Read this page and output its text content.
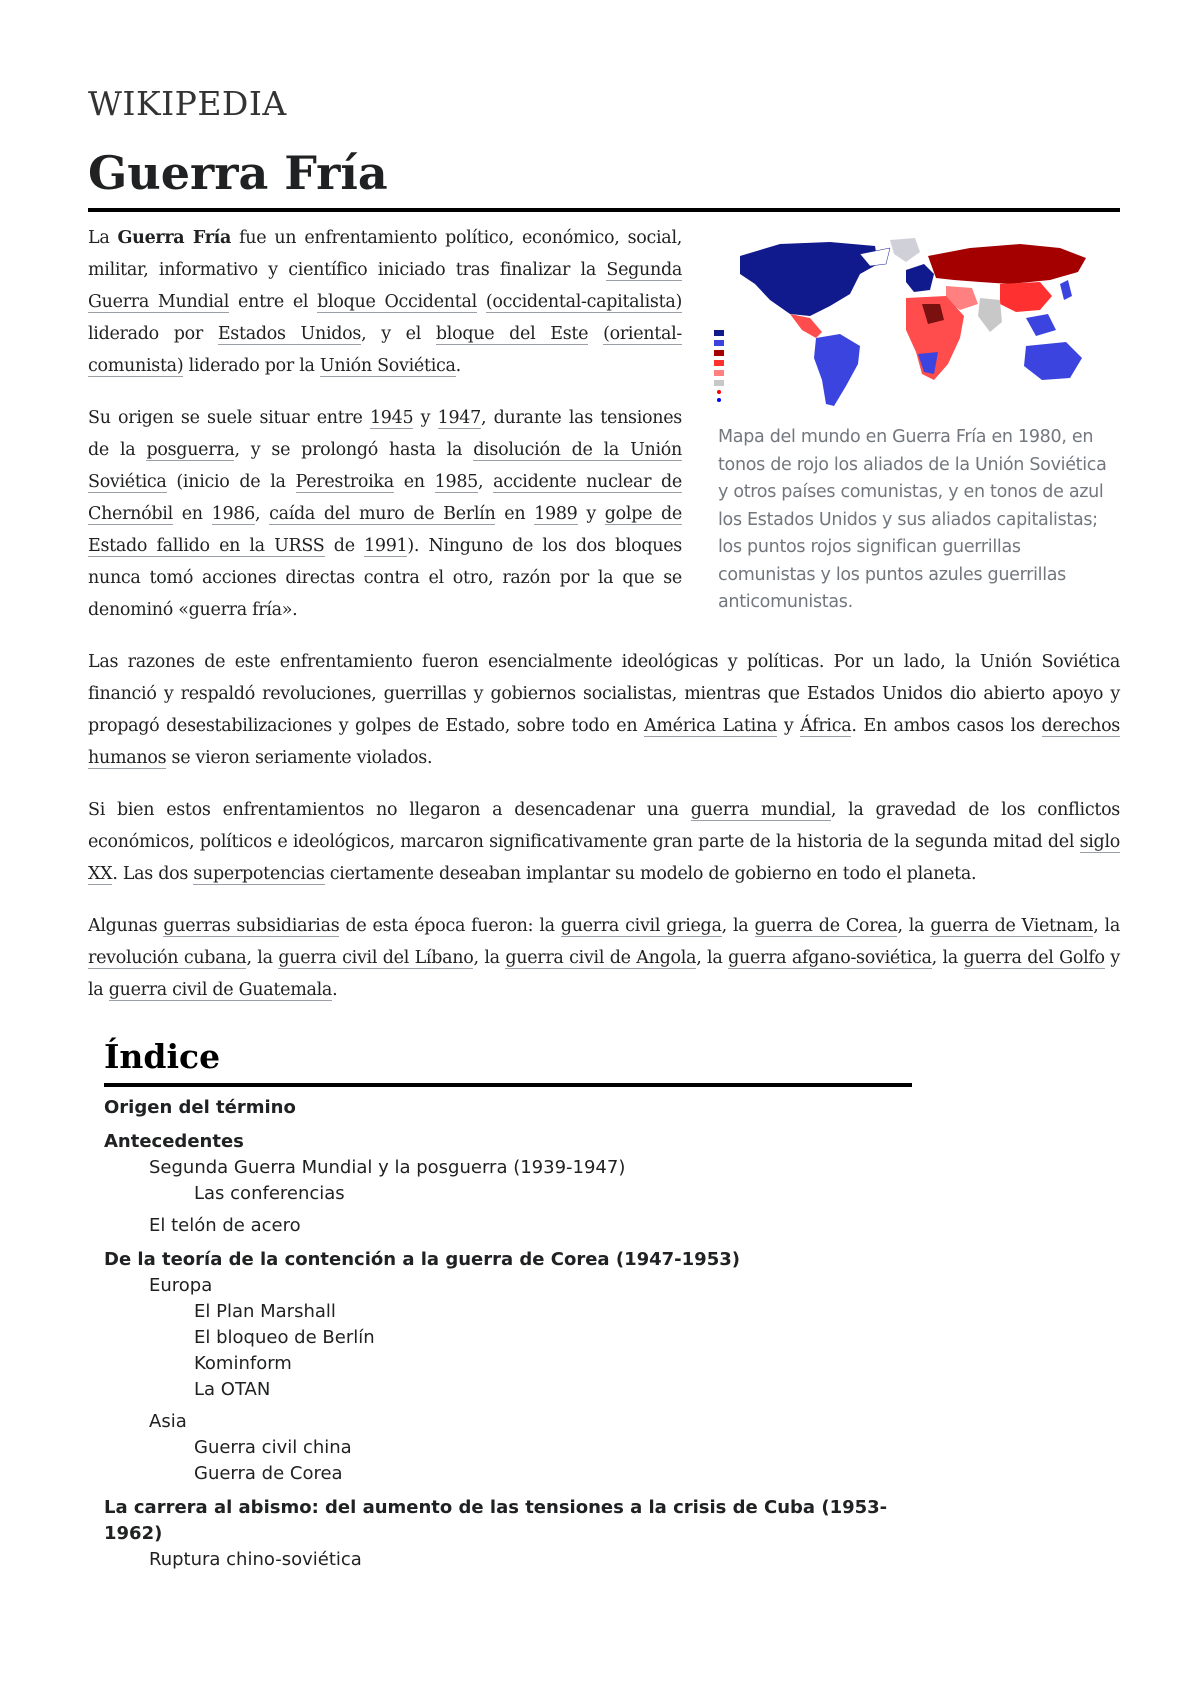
WIKIPEDIA
Guerra Fría
Mapa del mundo en Guerra Fría en 1980, en tonos de rojo los aliados de la Unión Soviética y otros países comunistas, y en tonos de azul los Estados Unidos y sus aliados capitalistas; los puntos rojos significan guerrillas comunistas y los puntos azules guerrillas anticomunistas.

La Guerra Fría fue un enfrentamiento político, económico, social, militar, informativo y científico iniciado tras finalizar la Segunda Guerra Mundial entre el bloque Occidental (occidental-capitalista) liderado por Estados Unidos, y el bloque del Este (oriental-comunista) liderado por la Unión Soviética.

Su origen se suele situar entre 1945 y 1947, durante las tensiones de la posguerra, y se prolongó hasta la disolución de la Unión Soviética (inicio de la Perestroika en 1985, accidente nuclear de Chernóbil en 1986, caída del muro de Berlín en 1989 y golpe de Estado fallido en la URSS de 1991). Ninguno de los dos bloques nunca tomó acciones directas contra el otro, razón por la que se denominó «guerra fría».

Las razones de este enfrentamiento fueron esencialmente ideológicas y políticas. Por un lado, la Unión Soviética financió y respaldó revoluciones, guerrillas y gobiernos socialistas, mientras que Estados Unidos dio abierto apoyo y propagó desestabilizaciones y golpes de Estado, sobre todo en América Latina y África. En ambos casos los derechos humanos se vieron seriamente violados.

Si bien estos enfrentamientos no llegaron a desencadenar una guerra mundial, la gravedad de los conflictos económicos, políticos e ideológicos, marcaron significativamente gran parte de la historia de la segunda mitad del siglo XX. Las dos superpotencias ciertamente deseaban implantar su modelo de gobierno en todo el planeta.

Algunas guerras subsidiarias de esta época fueron: la guerra civil griega, la guerra de Corea, la guerra de Vietnam, la revolución cubana, la guerra civil del Líbano, la guerra civil de Angola, la guerra afgano-soviética, la guerra del Golfo y la guerra civil de Guatemala.

Índice
Origen del término
Antecedentes
Segunda Guerra Mundial y la posguerra (1939-1947)
Las conferencias
El telón de acero
De la teoría de la contención a la guerra de Corea (1947-1953)
Europa
El Plan Marshall
El bloqueo de Berlín
Kominform
La OTAN
Asia
Guerra civil china
Guerra de Corea
La carrera al abismo: del aumento de las tensiones a la crisis de Cuba (1953-1962)
Ruptura chino-soviética
